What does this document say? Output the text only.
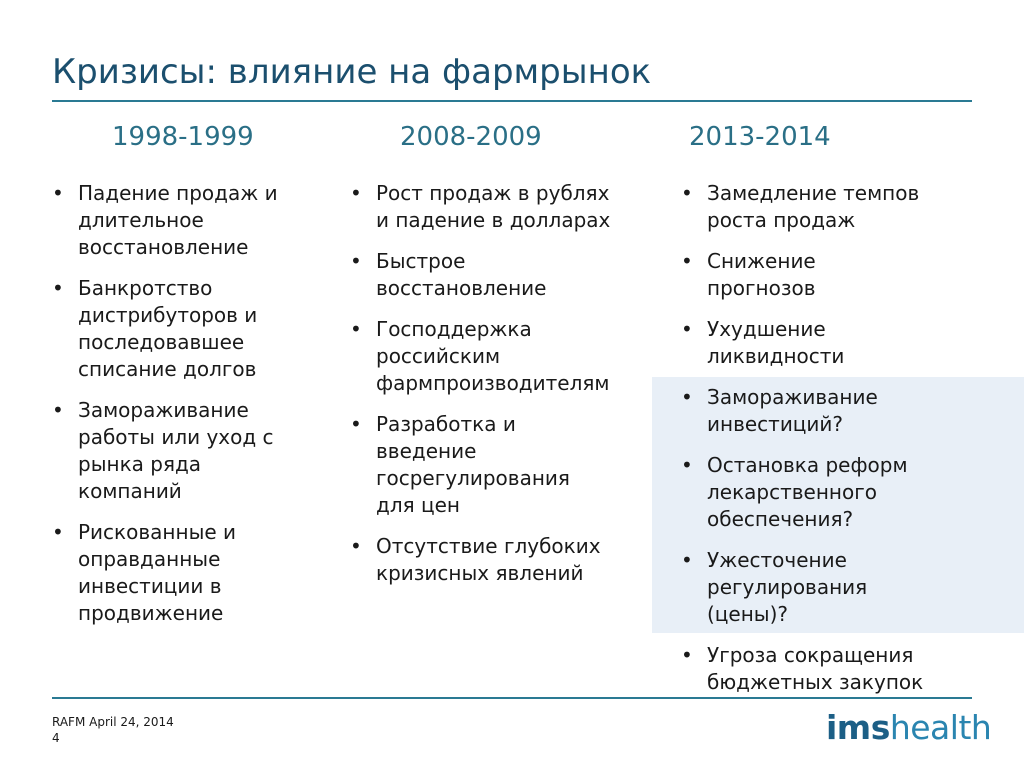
Кризисы: влияние на фармрынок
1998-1999	2008-2009	2013-2014
• Падение продаж и
длительное
восстановление
• Банкротство
дистрибуторов и
последовавшее
списание долгов
• Замораживание
работы или уход с
рынка ряда
компаний
• Рискованные и
оправданные
инвестиции в
продвижение
• Рост продаж в рублях
и падение в долларах
• Быстрое
восстановление
• Господдержка
российским
фармпроизводителям
• Разработка и
введение
госрегулирования
для цен
• Отсутствие глубоких
кризисных явлений
• Замедление темпов
роста продаж
• Снижение
прогнозов
• Ухудшение
ликвидности
• Замораживание
инвестиций?
• Остановка реформ
лекарственного
обеспечения?
• Ужесточение
регулирования
(цены)?
• Угроза сокращения
бюджетных закупок
RAFM April 24, 2014
4	imshealth
